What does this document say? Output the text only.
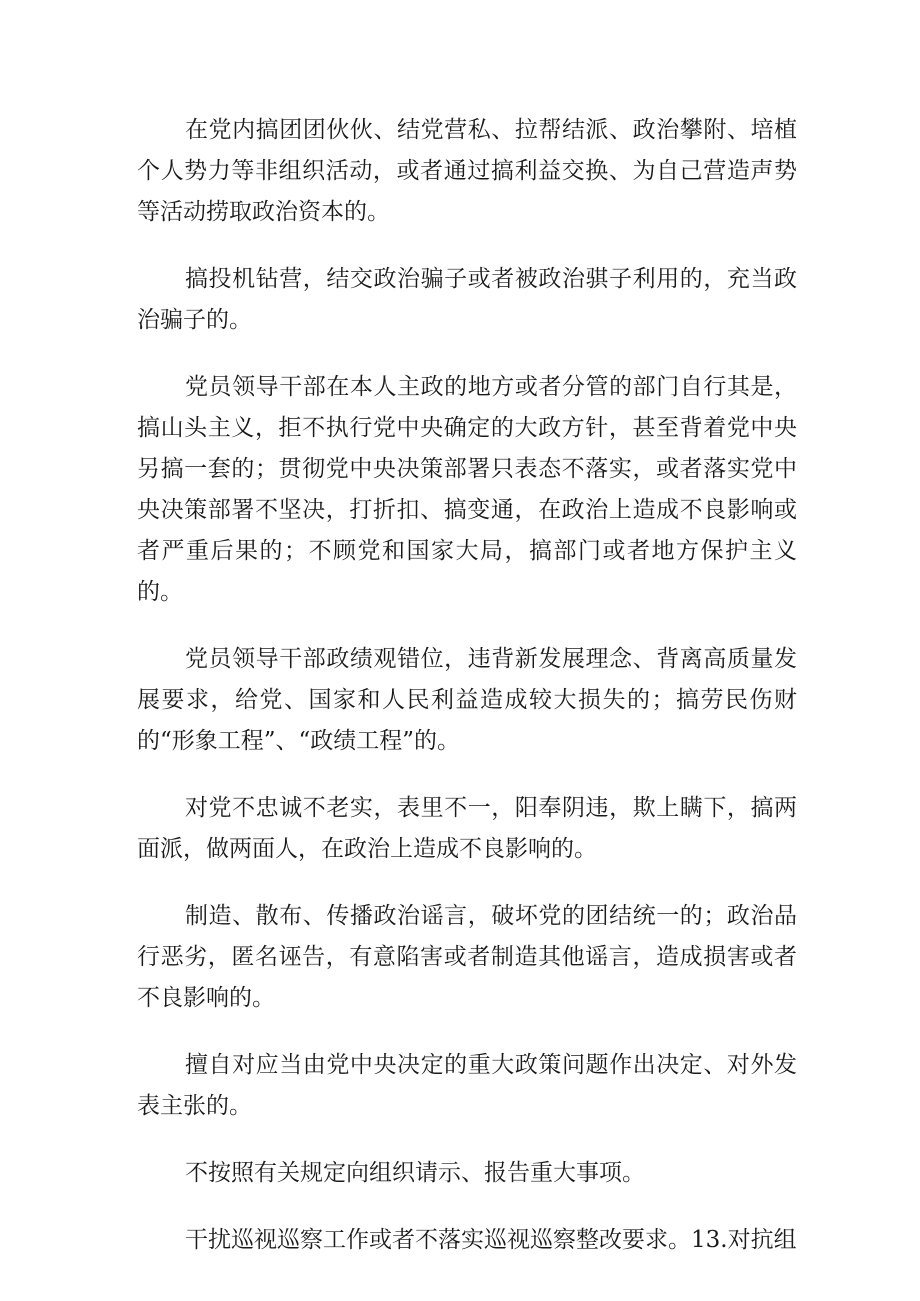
在党内搞团团伙伙、结党营私、拉帮结派、政治攀附、培植个人势力等非组织活动，或者通过搞利益交换、为自己营造声势等活动捞取政治资本的。

搞投机钻营，结交政治骗子或者被政治骐子利用的，充当政治骗子的。

党员领导干部在本人主政的地方或者分管的部门自行其是，搞山头主义，拒不执行党中央确定的大政方针，甚至背着党中央另搞一套的；贯彻党中央决策部署只表态不落实，或者落实党中央决策部署不坚决，打折扣、搞变通，在政治上造成不良影响或者严重后果的；不顾党和国家大局，搞部门或者地方保护主义的。

党员领导干部政绩观错位，违背新发展理念、背离高质量发展要求，给党、国家和人民利益造成较大损失的；搞劳民伤财的“形象工程”、“政绩工程”的。

对党不忠诚不老实，表里不一，阳奉阴违，欺上瞒下，搞两面派，做两面人，在政治上造成不良影响的。

制造、散布、传播政治谣言，破坏党的团结统一的；政治品行恶劣，匿名诬告，有意陷害或者制造其他谣言，造成损害或者不良影响的。

擅自对应当由党中央决定的重大政策问题作出决定、对外发表主张的。

不按照有关规定向组织请示、报告重大事项。

干扰巡视巡察工作或者不落实巡视巡察整改要求。13.对抗组
